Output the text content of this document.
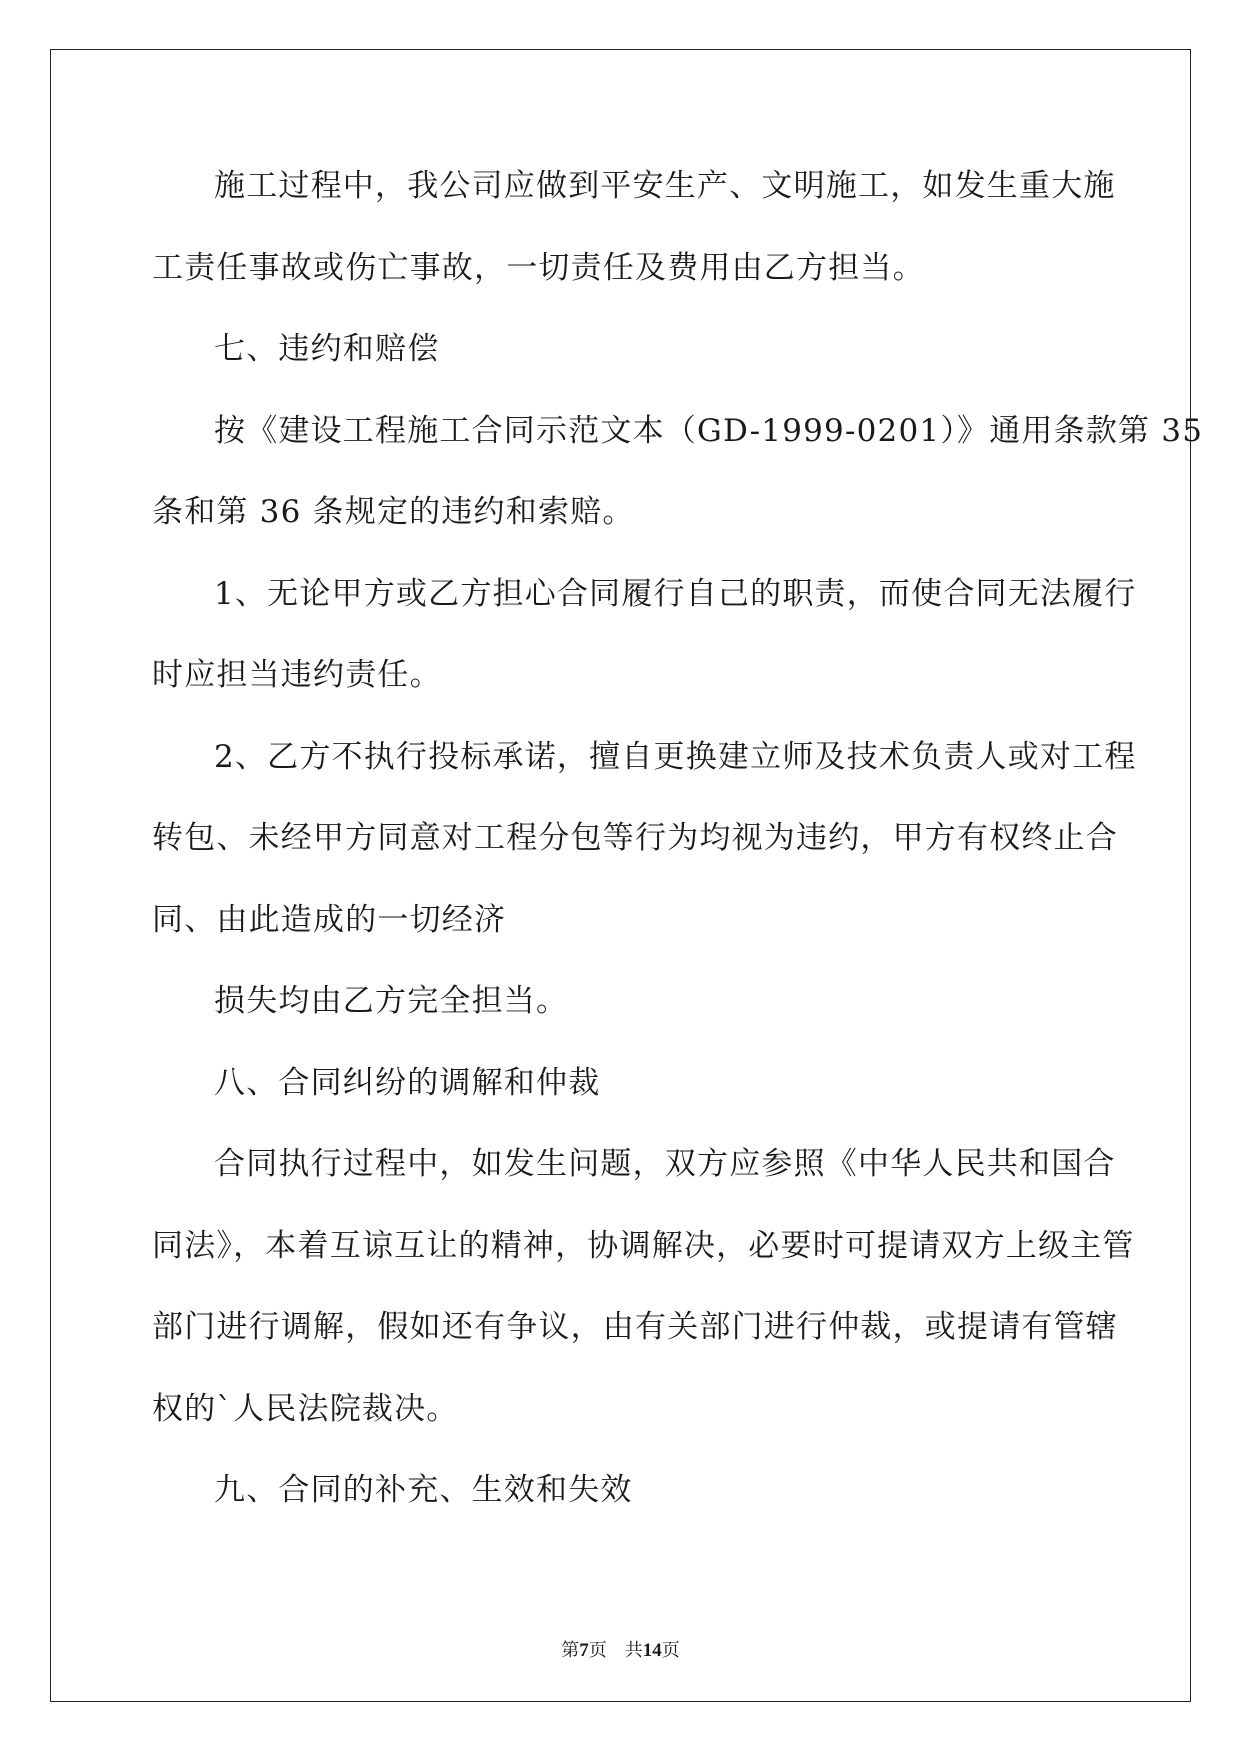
施工过程中，我公司应做到平安生产、文明施工，如发生重大施
工责任事故或伤亡事故，一切责任及费用由乙方担当。
七、违约和赔偿
按《建设工程施工合同示范文本（GD-1999-0201）》通用条款第 35
条和第 36 条规定的违约和索赔。
1、无论甲方或乙方担心合同履行自己的职责，而使合同无法履行
时应担当违约责任。
2、乙方不执行投标承诺，擅自更换建立师及技术负责人或对工程
转包、未经甲方同意对工程分包等行为均视为违约，甲方有权终止合
同、由此造成的一切经济
损失均由乙方完全担当。
八、合同纠纷的调解和仲裁
合同执行过程中，如发生问题，双方应参照《中华人民共和国合
同法》，本着互谅互让的精神，协调解决，必要时可提请双方上级主管
部门进行调解，假如还有争议，由有关部门进行仲裁，或提请有管辖
权的`人民法院裁决。
九、合同的补充、生效和失效
第7页　共14页
